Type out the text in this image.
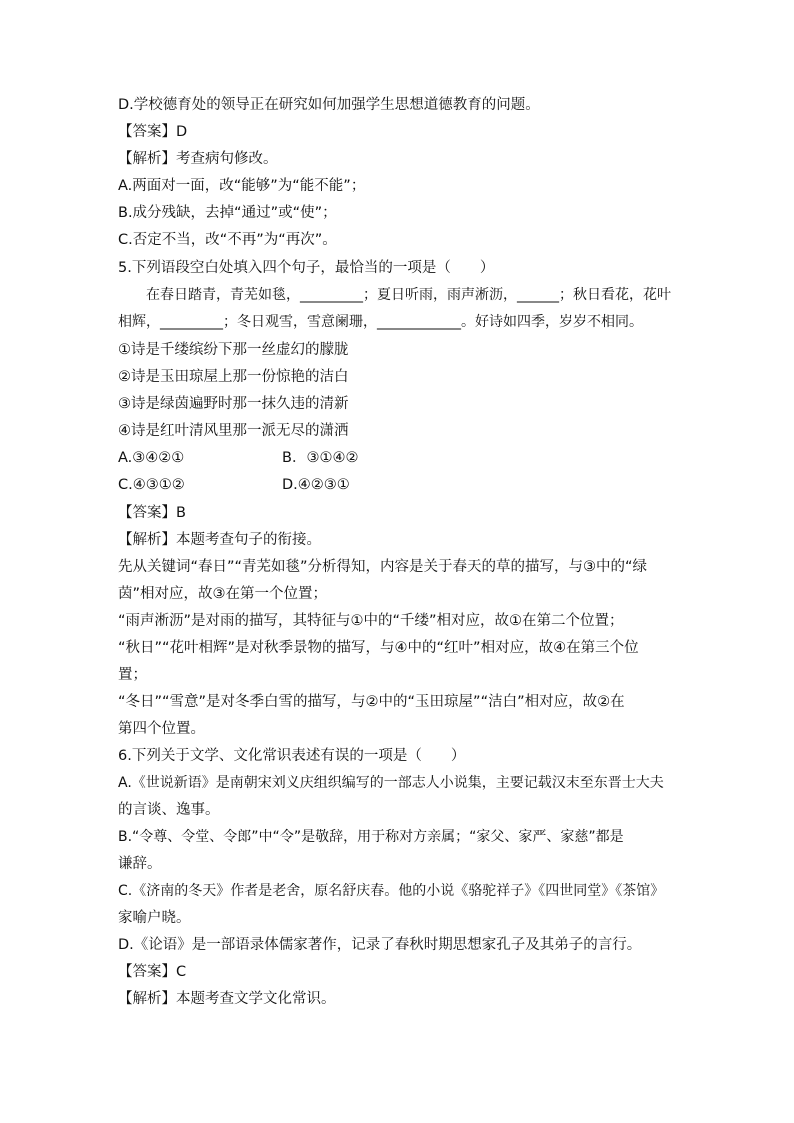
D.学校德育处的领导正在研究如何加强学生思想道德教育的问题。
【答案】D
【解析】考查病句修改。
A.两面对一面，改“能够”为“能不能”；
B.成分残缺，去掉“通过”或“使”；
C.否定不当，改“不再”为“再次”。
5.下列语段空白处填入四个句子，最恰当的一项是（　　）
在春日踏青，青芜如毯，_________；夏日听雨，雨声淅沥，______；秋日看花，花叶
相辉，_________；冬日观雪，雪意阑珊，____________。好诗如四季，岁岁不相同。
①诗是千缕缤纷下那一丝虚幻的朦胧
②诗是玉田琼屋上那一份惊艳的洁白
③诗是绿茵遍野时那一抹久违的清新
④诗是红叶清风里那一派无尽的潇洒
A.③④②①	B．③①④②
C.④③①②	D.④②③①
【答案】B
【解析】本题考查句子的衔接。
先从关键词“春日”“青芜如毯”分析得知，内容是关于春天的草的描写，与③中的“绿
茵”相对应，故③在第一个位置；
“雨声淅沥”是对雨的描写，其特征与①中的“千缕”相对应，故①在第二个位置；
“秋日”“花叶相辉”是对秋季景物的描写，与④中的“红叶”相对应，故④在第三个位
置；
“冬日”“雪意”是对冬季白雪的描写，与②中的“玉田琼屋”“洁白”相对应，故②在
第四个位置。
6.下列关于文学、文化常识表述有误的一项是（　　）
A.《世说新语》是南朝宋刘义庆组织编写的一部志人小说集，主要记载汉末至东晋士大夫
的言谈、逸事。
B.“令尊、令堂、令郎”中“令”是敬辞，用于称对方亲属；“家父、家严、家慈”都是
谦辞。
C.《济南的冬天》作者是老舍，原名舒庆春。他的小说《骆驼祥子》《四世同堂》《茶馆》
家喻户晓。
D.《论语》是一部语录体儒家著作，记录了春秋时期思想家孔子及其弟子的言行。
【答案】C
【解析】本题考查文学文化常识。
